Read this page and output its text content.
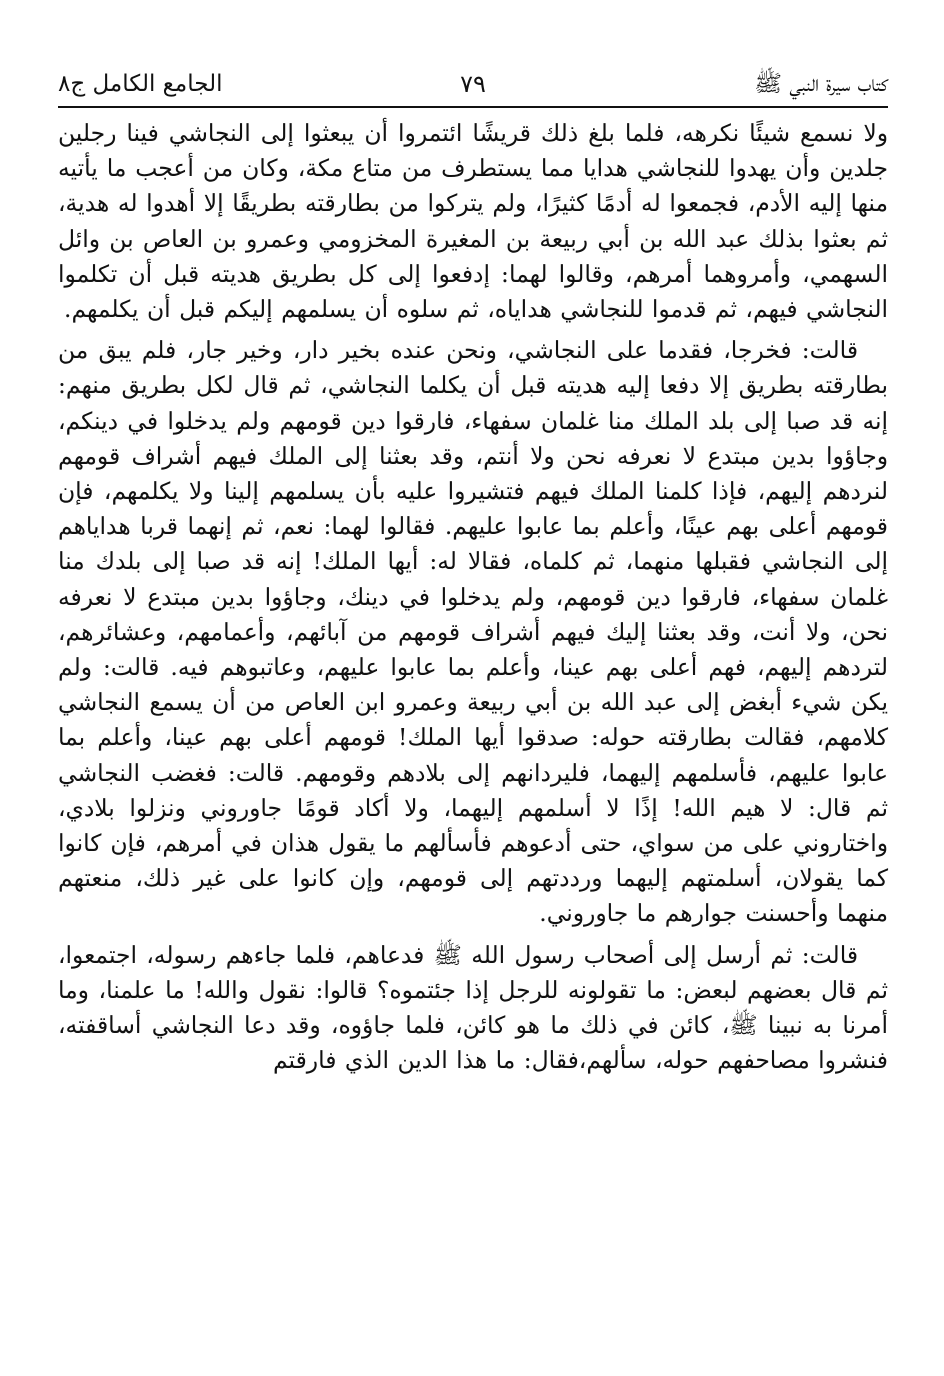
كتاب سيرة النبي ﷺ
٧٩
الجامع الكامل ج٨
ولا نسمع شيئًا نكرهه، فلما بلغ ذلك قريشًا ائتمروا أن يبعثوا إلى النجاشي فينا رجلين جلدين وأن يهدوا للنجاشي هدايا مما يستطرف من متاع مكة، وكان من أعجب ما يأتيه منها إليه الأدم، فجمعوا له أدمًا كثيرًا، ولم يتركوا من بطارقته بطريقًا إلا أهدوا له هدية، ثم بعثوا بذلك عبد الله بن أبي ربيعة بن المغيرة المخزومي وعمرو بن العاص بن وائل السهمي، وأمروهما أمرهم، وقالوا لهما: إدفعوا إلى كل بطريق هديته قبل أن تكلموا النجاشي فيهم، ثم قدموا للنجاشي هداياه، ثم سلوه أن يسلمهم إليكم قبل أن يكلمهم.
قالت: فخرجا، فقدما على النجاشي، ونحن عنده بخير دار، وخير جار، فلم يبق من بطارقته بطريق إلا دفعا إليه هديته قبل أن يكلما النجاشي، ثم قال لكل بطريق منهم: إنه قد صبا إلى بلد الملك منا غلمان سفهاء، فارقوا دين قومهم ولم يدخلوا في دينكم، وجاؤوا بدين مبتدع لا نعرفه نحن ولا أنتم، وقد بعثنا إلى الملك فيهم أشراف قومهم لنردهم إليهم، فإذا كلمنا الملك فيهم فتشيروا عليه بأن يسلمهم إلينا ولا يكلمهم، فإن قومهم أعلى بهم عينًا، وأعلم بما عابوا عليهم. فقالوا لهما: نعم، ثم إنهما قربا هداياهم إلى النجاشي فقبلها منهما، ثم كلماه، فقالا له: أيها الملك! إنه قد صبا إلى بلدك منا غلمان سفهاء، فارقوا دين قومهم، ولم يدخلوا في دينك، وجاؤوا بدين مبتدع لا نعرفه نحن، ولا أنت، وقد بعثنا إليك فيهم أشراف قومهم من آبائهم، وأعمامهم، وعشائرهم، لتردهم إليهم، فهم أعلى بهم عينا، وأعلم بما عابوا عليهم، وعاتبوهم فيه. قالت: ولم يكن شيء أبغض إلى عبد الله بن أبي ربيعة وعمرو ابن العاص من أن يسمع النجاشي كلامهم، فقالت بطارقته حوله: صدقوا أيها الملك! قومهم أعلى بهم عينا، وأعلم بما عابوا عليهم، فأسلمهم إليهما، فليردانهم إلى بلادهم وقومهم. قالت: فغضب النجاشي ثم قال: لا هيم الله! إذًا لا أسلمهم إليهما، ولا أكاد قومًا جاوروني ونزلوا بلادي، واختاروني على من سواي، حتى أدعوهم فأسألهم ما يقول هذان في أمرهم، فإن كانوا كما يقولان، أسلمتهم إليهما ورددتهم إلى قومهم، وإن كانوا على غير ذلك، منعتهم منهما وأحسنت جوارهم ما جاوروني.
قالت: ثم أرسل إلى أصحاب رسول الله ﷺ فدعاهم، فلما جاءهم رسوله، اجتمعوا، ثم قال بعضهم لبعض: ما تقولونه للرجل إذا جئتموه؟ قالوا: نقول والله! ما علمنا، وما أمرنا به نبينا ﷺ، كائن في ذلك ما هو كائن، فلما جاؤوه، وقد دعا النجاشي أساقفته، فنشروا مصاحفهم حوله، سألهم،فقال: ما هذا الدين الذي فارقتم
